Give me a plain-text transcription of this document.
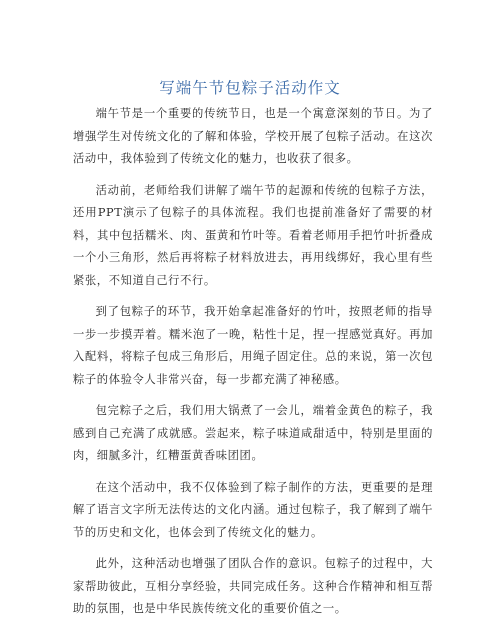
写端午节包粽子活动作文

端午节是一个重要的传统节日，也是一个寓意深刻的节日。为了增强学生对传统文化的了解和体验，学校开展了包粽子活动。在这次活动中，我体验到了传统文化的魅力，也收获了很多。

活动前，老师给我们讲解了端午节的起源和传统的包粽子方法，还用PPT演示了包粽子的具体流程。我们也提前准备好了需要的材料，其中包括糯米、肉、蛋黄和竹叶等。看着老师用手把竹叶折叠成一个小三角形，然后再将粽子材料放进去，再用线绑好，我心里有些紧张，不知道自己行不行。

到了包粽子的环节，我开始拿起准备好的竹叶，按照老师的指导一步一步摸弄着。糯米泡了一晚，粘性十足，捏一捏感觉真好。再加入配料，将粽子包成三角形后，用绳子固定住。总的来说，第一次包粽子的体验令人非常兴奋，每一步都充满了神秘感。

包完粽子之后，我们用大锅煮了一会儿，端着金黄色的粽子，我感到自己充满了成就感。尝起来，粽子味道咸甜适中，特别是里面的肉，细腻多汁，红糟蛋黄香味团团。

在这个活动中，我不仅体验到了粽子制作的方法，更重要的是理解了语言文字所无法传达的文化内涵。通过包粽子，我了解到了端午节的历史和文化，也体会到了传统文化的魅力。

此外，这种活动也增强了团队合作的意识。包粽子的过程中，大家帮助彼此，互相分享经验，共同完成任务。这种合作精神和相互帮助的氛围，也是中华民族传统文化的重要价值之一。
